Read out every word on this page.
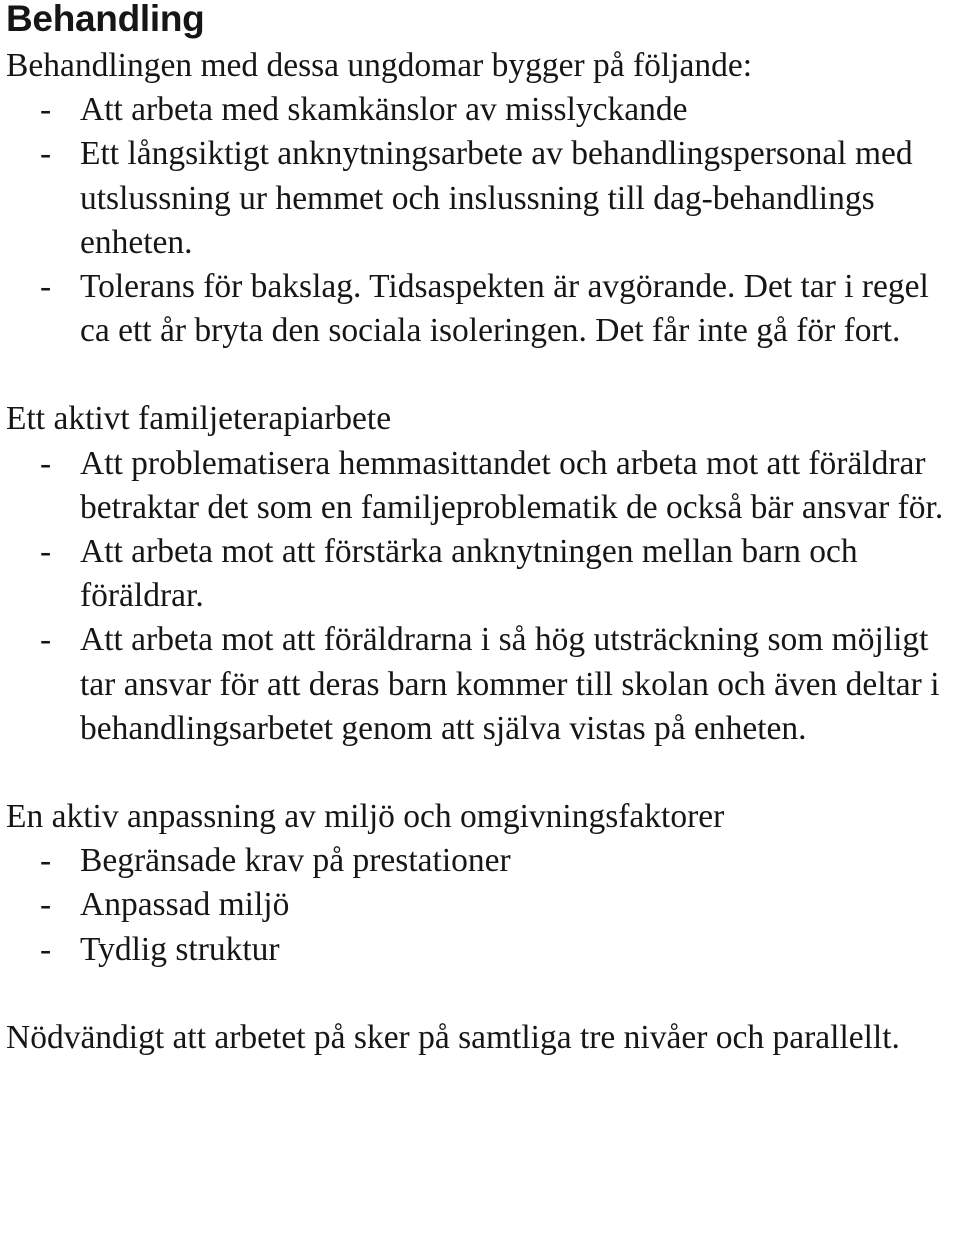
Behandling

Behandlingen med dessa ungdomar bygger på följande:

- Att arbeta med skamkänslor av misslyckande
- Ett långsiktigt anknytningsarbete av behandlingspersonal med utslussning ur hemmet och inslussning till dag-behandlings enheten.
- Tolerans för bakslag. Tidsaspekten är avgörande. Det tar i regel ca ett år bryta den sociala isoleringen. Det får inte gå för fort.

Ett aktivt familjeterapiarbete

- Att problematisera hemmasittandet och arbeta mot att föräldrar betraktar det som en familjeproblematik de också bär ansvar för.
- Att arbeta mot att förstärka anknytningen mellan barn och föräldrar.
- Att arbeta mot att föräldrarna i så hög utsträckning som möjligt tar ansvar för att deras barn kommer till skolan och även deltar i behandlingsarbetet genom att själva vistas på enheten.

En aktiv anpassning av miljö och omgivningsfaktorer

- Begränsade krav på prestationer
- Anpassad miljö
- Tydlig struktur

Nödvändigt att arbetet på sker på samtliga tre nivåer och parallellt.
